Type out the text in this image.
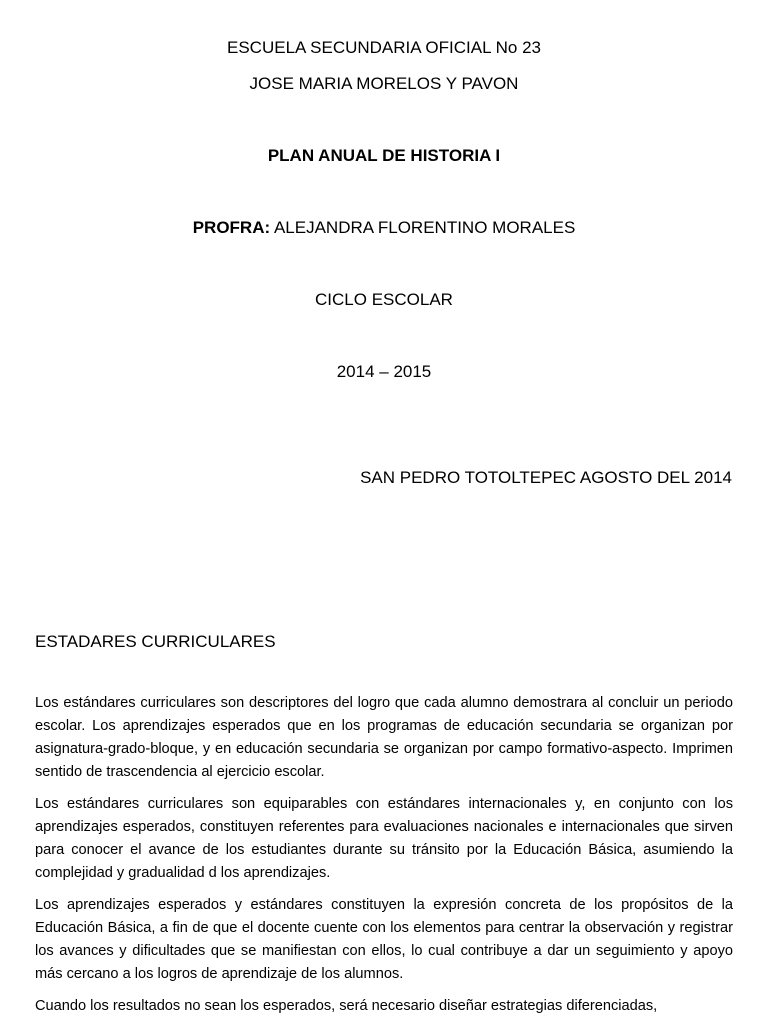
ESCUELA SECUNDARIA OFICIAL No 23
JOSE MARIA MORELOS Y PAVON
PLAN ANUAL DE HISTORIA I
PROFRA: ALEJANDRA FLORENTINO MORALES
CICLO ESCOLAR
2014 – 2015
SAN PEDRO TOTOLTEPEC AGOSTO DEL 2014
ESTADARES CURRICULARES

Los estándares curriculares son descriptores del logro que cada alumno demostrara al concluir un periodo escolar. Los aprendizajes esperados que en los programas de educación secundaria se organizan por asignatura-grado-bloque, y en educación secundaria se organizan por campo formativo-aspecto. Imprimen sentido de trascendencia al ejercicio escolar.

Los estándares curriculares son equiparables con estándares internacionales y, en conjunto con los aprendizajes esperados, constituyen referentes para evaluaciones nacionales e internacionales que sirven para conocer el avance de los estudiantes durante su tránsito por la Educación Básica, asumiendo la complejidad y gradualidad d los aprendizajes.

Los aprendizajes esperados y estándares constituyen la expresión concreta de los propósitos de la Educación Básica, a fin de que el docente cuente con los elementos para centrar la observación y registrar los avances y dificultades que se manifiestan con ellos, lo cual contribuye a dar un seguimiento y apoyo más cercano a los logros de aprendizaje de los alumnos.

Cuando los resultados no sean los esperados, será necesario diseñar estrategias diferenciadas,
